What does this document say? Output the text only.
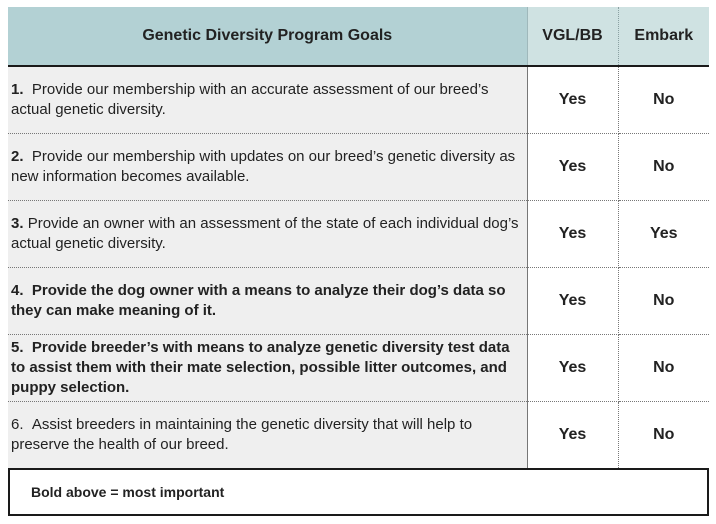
Genetic Diversity Program Goals	VGL/BB	Embark
1. Provide our membership with an accurate assessment of our breed’s actual genetic diversity.	Yes	No
2. Provide our membership with updates on our breed’s genetic diversity as new information becomes available.	Yes	No
3. Provide an owner with an assessment of the state of each individual dog’s actual genetic diversity.	Yes	Yes
4. Provide the dog owner with a means to analyze their dog’s data so they can make meaning of it.	Yes	No
5. Provide breeder’s with means to analyze genetic diversity test data to assist them with their mate selection, possible litter outcomes, and puppy selection.	Yes	No
6. Assist breeders in maintaining the genetic diversity that will help to preserve the health of our breed.	Yes	No
Bold above = most important
